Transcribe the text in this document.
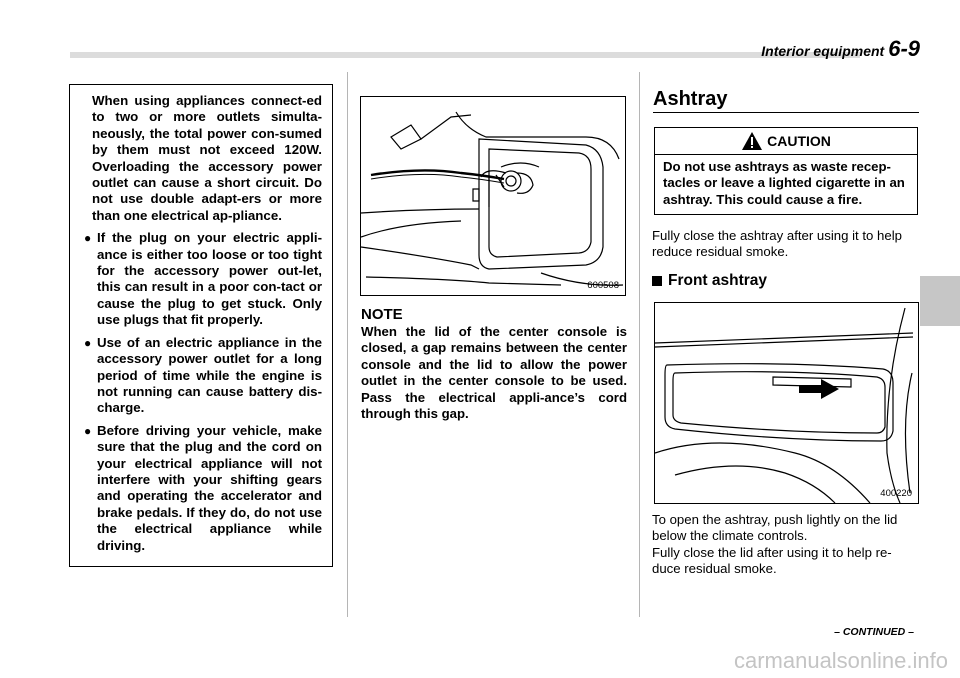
Interior equipment 6-9

When using appliances connect-ed to two or more outlets simulta-neously, the total power con-sumed by them must not exceed 120W. Overloading the accessory power outlet can cause a short circuit. Do not use double adapt-ers or more than one electrical ap-pliance.

● If the plug on your electric appli-ance is either too loose or too tight for the accessory power out-let, this can result in a poor con-tact or cause the plug to get stuck. Only use plugs that fit properly.
● Use of an electric appliance in the accessory power outlet for a long period of time while the engine is not running can cause battery dis-charge.
● Before driving your vehicle, make sure that the plug and the cord on your electrical appliance will not interfere with your shifting gears and operating the accelerator and brake pedals. If they do, do not use the electrical appliance while driving.
600508
NOTE
When the lid of the center console is closed, a gap remains between the center console and the lid to allow the power outlet in the center console to be used. Pass the electrical appli-ance’s cord through this gap.
Ashtray
CAUTION
Do not use ashtrays as waste recep-tacles or leave a lighted cigarette in an ashtray. This could cause a fire.
Fully close the ashtray after using it to help reduce residual smoke.
Front ashtray
400220
To open the ashtray, push lightly on the lid below the climate controls.
Fully close the lid after using it to help re-duce residual smoke.
– CONTINUED –
carmanualsonline.info
